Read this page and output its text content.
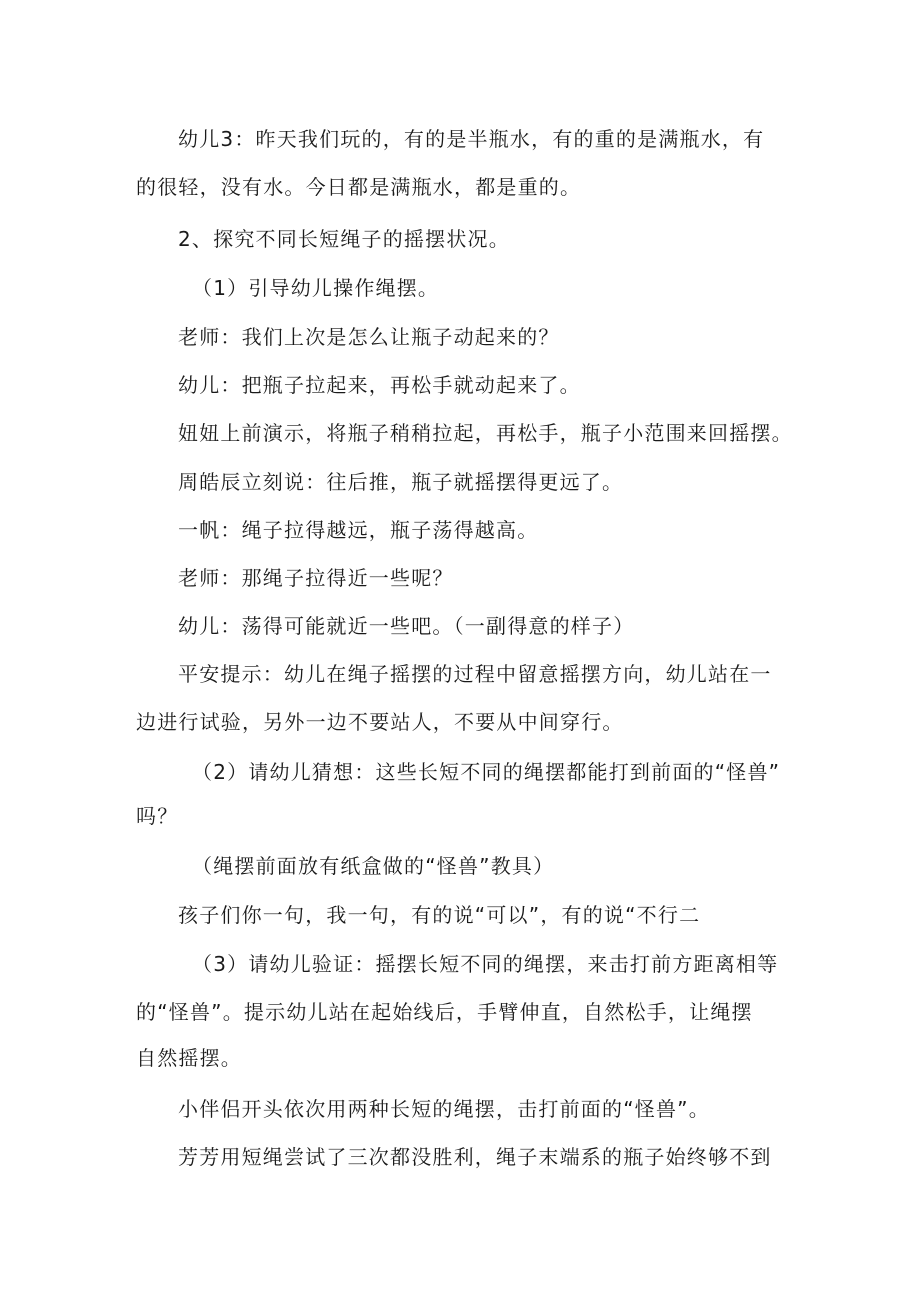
幼儿3：昨天我们玩的，有的是半瓶水，有的重的是满瓶水，有
的很轻，没有水。今日都是满瓶水，都是重的。
2、探究不同长短绳子的摇摆状况。
（1）引导幼儿操作绳摆。
老师：我们上次是怎么让瓶子动起来的？
幼儿：把瓶子拉起来，再松手就动起来了。
妞妞上前演示，将瓶子稍稍拉起，再松手，瓶子小范围来回摇摆。
周皓辰立刻说：往后推，瓶子就摇摆得更远了。
一帆：绳子拉得越远，瓶子荡得越高。
老师：那绳子拉得近一些呢？
幼儿：荡得可能就近一些吧。（一副得意的样子）
平安提示：幼儿在绳子摇摆的过程中留意摇摆方向，幼儿站在一
边进行试验，另外一边不要站人，不要从中间穿行。
（2）请幼儿猜想：这些长短不同的绳摆都能打到前面的“怪兽”
吗？
（绳摆前面放有纸盒做的“怪兽”教具）
孩子们你一句，我一句，有的说“可以”，有的说“不行二
（3）请幼儿验证：摇摆长短不同的绳摆，来击打前方距离相等
的“怪兽”。提示幼儿站在起始线后，手臂伸直，自然松手，让绳摆
自然摇摆。
小伴侣开头依次用两种长短的绳摆，击打前面的“怪兽”。
芳芳用短绳尝试了三次都没胜利，绳子末端系的瓶子始终够不到
